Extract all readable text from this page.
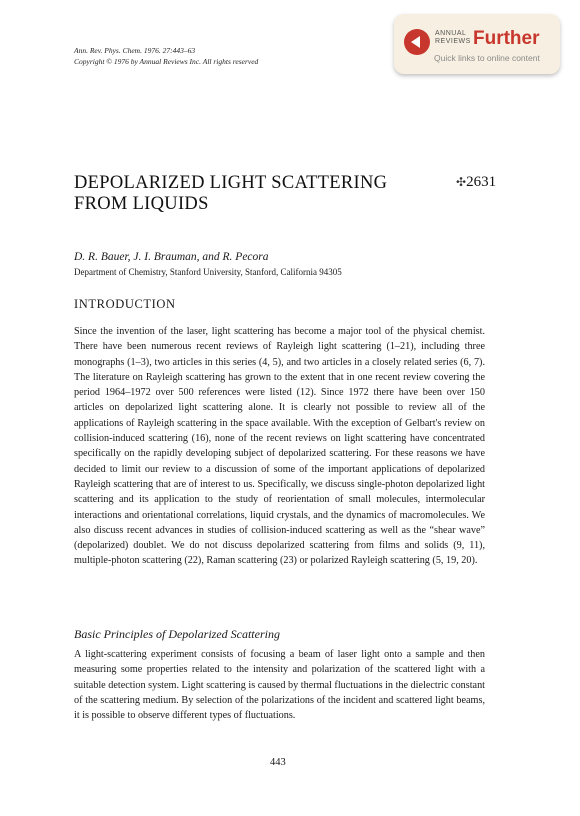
Ann. Rev. Phys. Chem. 1976. 27:443–63
Copyright © 1976 by Annual Reviews Inc. All rights reserved
ANNUAL
REVIEWS Further
Quick links to online content
DEPOLARIZED LIGHT SCATTERING
FROM LIQUIDS
✣2631
D. R. Bauer, J. I. Brauman, and R. Pecora
Department of Chemistry, Stanford University, Stanford, California 94305
INTRODUCTION

Since the invention of the laser, light scattering has become a major tool of the physical chemist. There have been numerous recent reviews of Rayleigh light scattering (1–21), including three monographs (1–3), two articles in this series (4, 5), and two articles in a closely related series (6, 7). The literature on Rayleigh scattering has grown to the extent that in one recent review covering the period 1964–1972 over 500 references were listed (12). Since 1972 there have been over 150 articles on depolarized light scattering alone. It is clearly not possible to review all of the applications of Rayleigh scattering in the space available. With the exception of Gelbart's review on collision-induced scattering (16), none of the recent reviews on light scattering have concentrated specifically on the rapidly developing subject of depolarized scattering. For these reasons we have decided to limit our review to a discussion of some of the important applications of depolarized Rayleigh scattering that are of interest to us. Specifically, we discuss single-photon depolarized light scattering and its application to the study of reorientation of small molecules, intermolecular interactions and orientational correlations, liquid crystals, and the dynamics of macromolecules. We also discuss recent advances in studies of collision-induced scattering as well as the “shear wave” (depolarized) doublet. We do not discuss depolarized scattering from films and solids (9, 11), multiple-photon scattering (22), Raman scattering (23) or polarized Rayleigh scattering (5, 19, 20).

Basic Principles of Depolarized Scattering

A light-scattering experiment consists of focusing a beam of laser light onto a sample and then measuring some properties related to the intensity and polarization of the scattered light with a suitable detection system. Light scattering is caused by thermal fluctuations in the dielectric constant of the scattering medium. By selection of the polarizations of the incident and scattered light beams, it is possible to observe different types of fluctuations.

443
